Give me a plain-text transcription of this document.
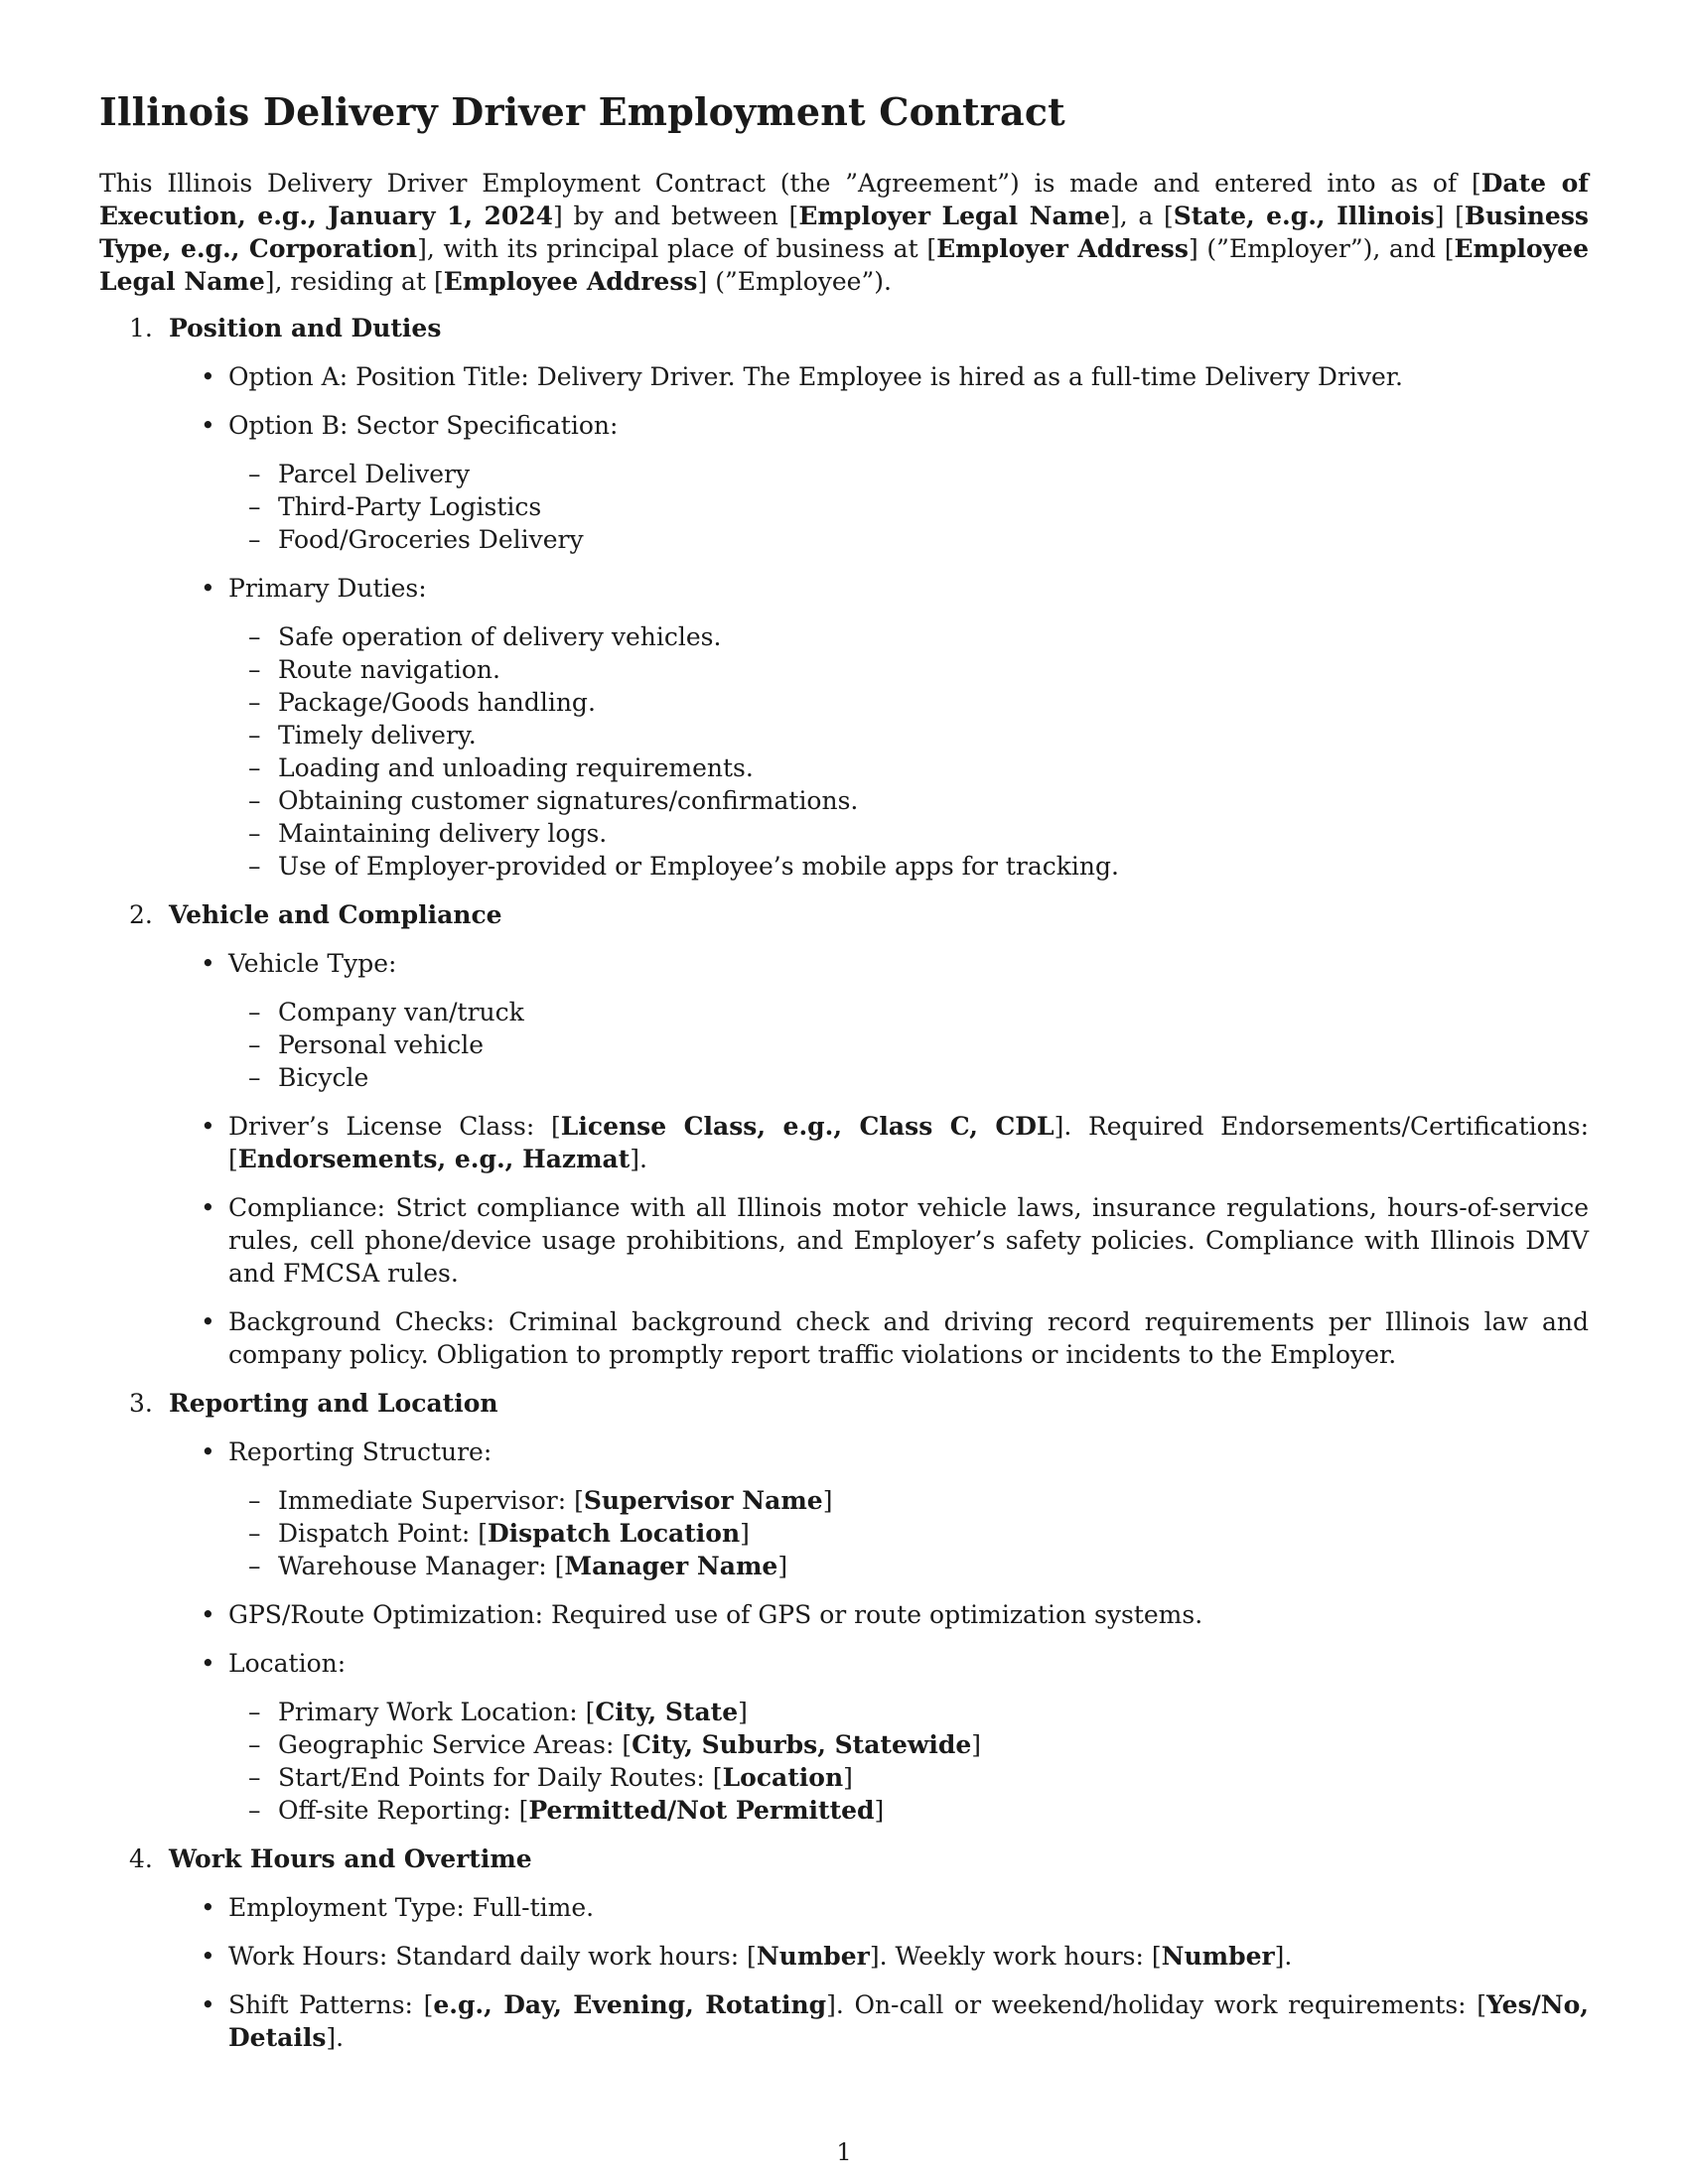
Illinois Delivery Driver Employment Contract

This Illinois Delivery Driver Employment Contract (the ”Agreement”) is made and entered into as of [Date of Execution, e.g., January 1, 2024] by and between [Employer Legal Name], a [State, e.g., Illinois] [Business Type, e.g., Corporation], with its principal place of business at [Employer Address] (”Employer”), and [Employee Legal Name], residing at [Employee Address] (”Employee”).

1. Position and Duties
• Option A: Position Title: Delivery Driver. The Employee is hired as a full-time Delivery Driver.
• Option B: Sector Specification:
– Parcel Delivery
– Third-Party Logistics
– Food/Groceries Delivery
• Primary Duties:
– Safe operation of delivery vehicles.
– Route navigation.
– Package/Goods handling.
– Timely delivery.
– Loading and unloading requirements.
– Obtaining customer signatures/confirmations.
– Maintaining delivery logs.
– Use of Employer-provided or Employee’s mobile apps for tracking.
2. Vehicle and Compliance
• Vehicle Type:
– Company van/truck
– Personal vehicle
– Bicycle
• Driver’s License Class: [License Class, e.g., Class C, CDL]. Required Endorsements/Certifications: [Endorsements, e.g., Hazmat].
• Compliance: Strict compliance with all Illinois motor vehicle laws, insurance regulations, hours-of-service rules, cell phone/device usage prohibitions, and Employer’s safety policies. Compliance with Illinois DMV and FMCSA rules.
• Background Checks: Criminal background check and driving record requirements per Illinois law and company policy. Obligation to promptly report traffic violations or incidents to the Employer.
3. Reporting and Location
• Reporting Structure:
– Immediate Supervisor: [Supervisor Name]
– Dispatch Point: [Dispatch Location]
– Warehouse Manager: [Manager Name]
• GPS/Route Optimization: Required use of GPS or route optimization systems.
• Location:
– Primary Work Location: [City, State]
– Geographic Service Areas: [City, Suburbs, Statewide]
– Start/End Points for Daily Routes: [Location]
– Off-site Reporting: [Permitted/Not Permitted]
4. Work Hours and Overtime
• Employment Type: Full-time.
• Work Hours: Standard daily work hours: [Number]. Weekly work hours: [Number].
• Shift Patterns: [e.g., Day, Evening, Rotating]. On-call or weekend/holiday work requirements: [Yes/No, Details].
1
